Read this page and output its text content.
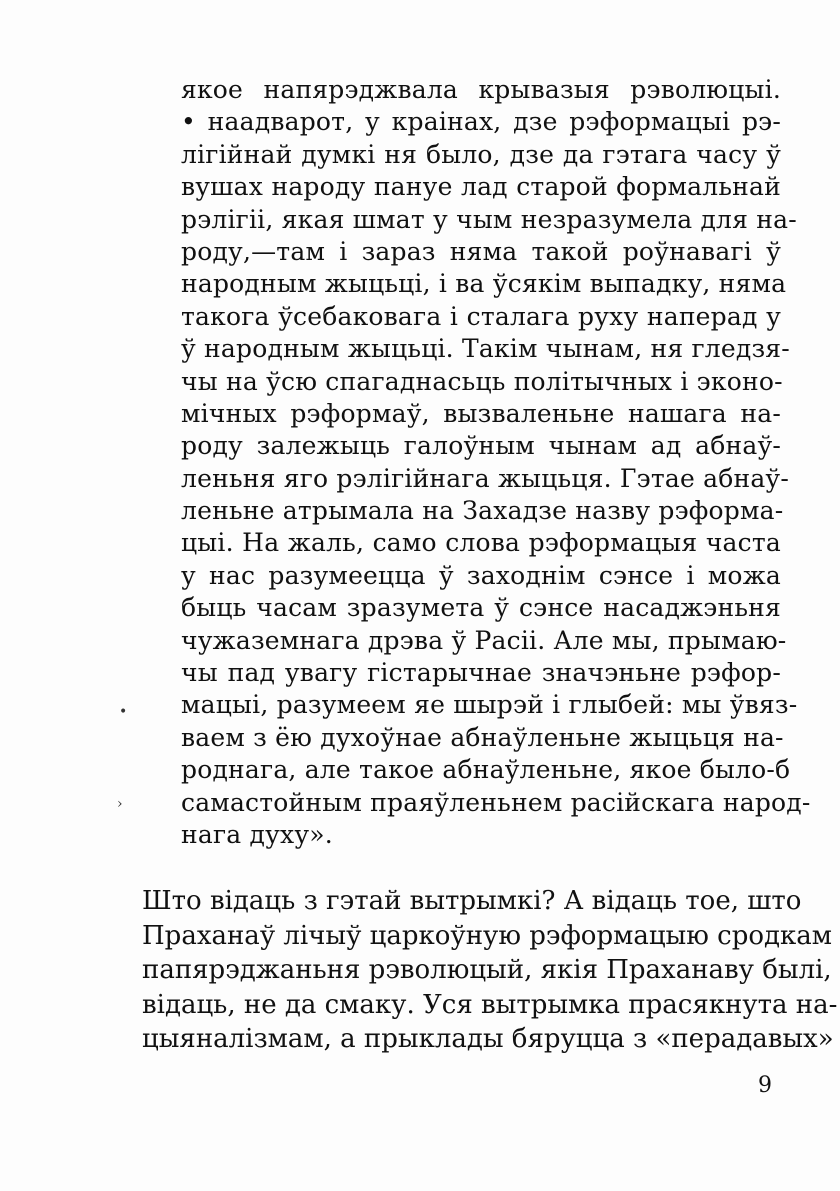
якое напярэджвала крывазыя рэволюцыі.
• наадварот, у краінах, дзе рэформацыі рэ-
лігійнай думкі ня было, дзе да гэтага часу ў
вушах народу пануе лад старой формальнай
рэлігіі, якая шмат у чым незразумела для на-
роду,—там і зараз няма такой роўнавагі ў
народным жыцьці, і ва ўсякім выпадку, няма
такога ўсебаковага і сталага руху наперад у
ў народным жыцьці. Такім чынам, ня гледзя-
чы на ўсю спагаднасьць політычных і эконо-
мічных рэформаў, вызваленьне нашага на-
роду залежыць галоўным чынам ад абнаў-
леньня яго рэлігійнага жыцьця. Гэтае абнаў-
леньне атрымала на Захадзе назву рэформа-
цыі. На жаль, само слова рэформацыя часта
у нас разумеецца ў заходнім сэнсе і можа
быць часам зразумета ў сэнсе насаджэньня
чужаземнага дрэва ў Расіі. Але мы, прымаю-
чы пад увагу гістарычнае значэньне рэфор-
мацыі, разумеем яе шырэй і глыбей: мы ўвяз-
ваем з ёю духоўнае абнаўленьне жыцьця на-
роднага, але такое абнаўленьне, якое было-б
самастойным праяўленьнем расійскага народ-
нага духу».
•
›
Што відаць з гэтай вытрымкі? А відаць тое, што
Праханаў лічыў царкоўную рэформацыю сродкам
папярэджаньня рэволюцый, якія Праханаву былі,
відаць, не да смаку. Уся вытрымка прасякнута на-
цыяналізмам, а прыклады бяруцца з «перадавых»
9
